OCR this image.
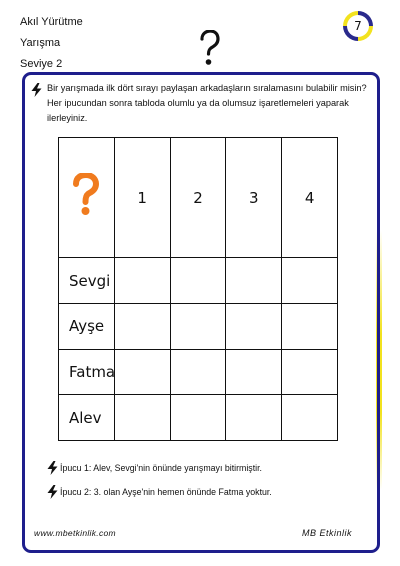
Akıl Yürütme
Yarışma
Seviye 2
7
Bir yarışmada ilk dört sırayı paylaşan arkadaşların sıralamasını bulabilir misin? Her ipucundan sonra tabloda olumlu ya da olumsuz işaretlemeleri yaparak ilerleyiniz.
	1	2	3	4
Sevgi				
Ayşe				
Fatma				
Alev				
İpucu 1: Alev, Sevgi'nin önünde yarışmayı bitirmiştir.
İpucu 2: 3. olan Ayşe'nin hemen önünde Fatma yoktur.
www.mbetkinlik.com	MB Etkinlik
